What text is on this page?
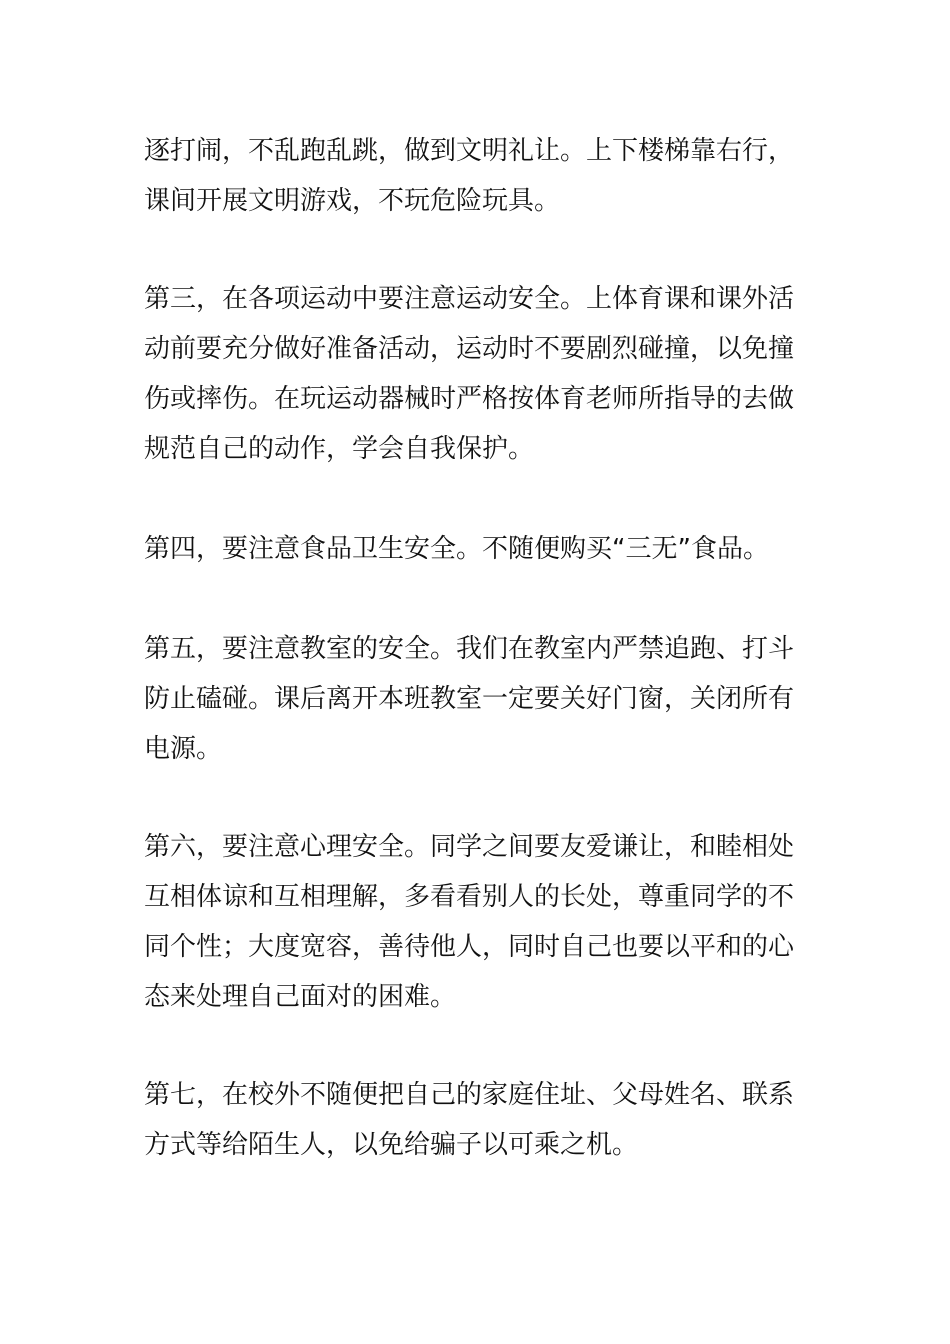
逐打闹，不乱跑乱跳，做到文明礼让。上下楼梯靠右行，
课间开展文明游戏，不玩危险玩具。

第三，在各项运动中要注意运动安全。上体育课和课外活
动前要充分做好准备活动，运动时不要剧烈碰撞，以免撞
伤或摔伤。在玩运动器械时严格按体育老师所指导的去做
规范自己的动作，学会自我保护。

第四，要注意食品卫生安全。不随便购买“三无”食品。

第五，要注意教室的安全。我们在教室内严禁追跑、打斗
防止磕碰。课后离开本班教室一定要关好门窗，关闭所有
电源。

第六，要注意心理安全。同学之间要友爱谦让，和睦相处
互相体谅和互相理解，多看看别人的长处，尊重同学的不
同个性；大度宽容，善待他人，同时自己也要以平和的心
态来处理自己面对的困难。

第七，在校外不随便把自己的家庭住址、父母姓名、联系
方式等给陌生人，以免给骗子以可乘之机。
